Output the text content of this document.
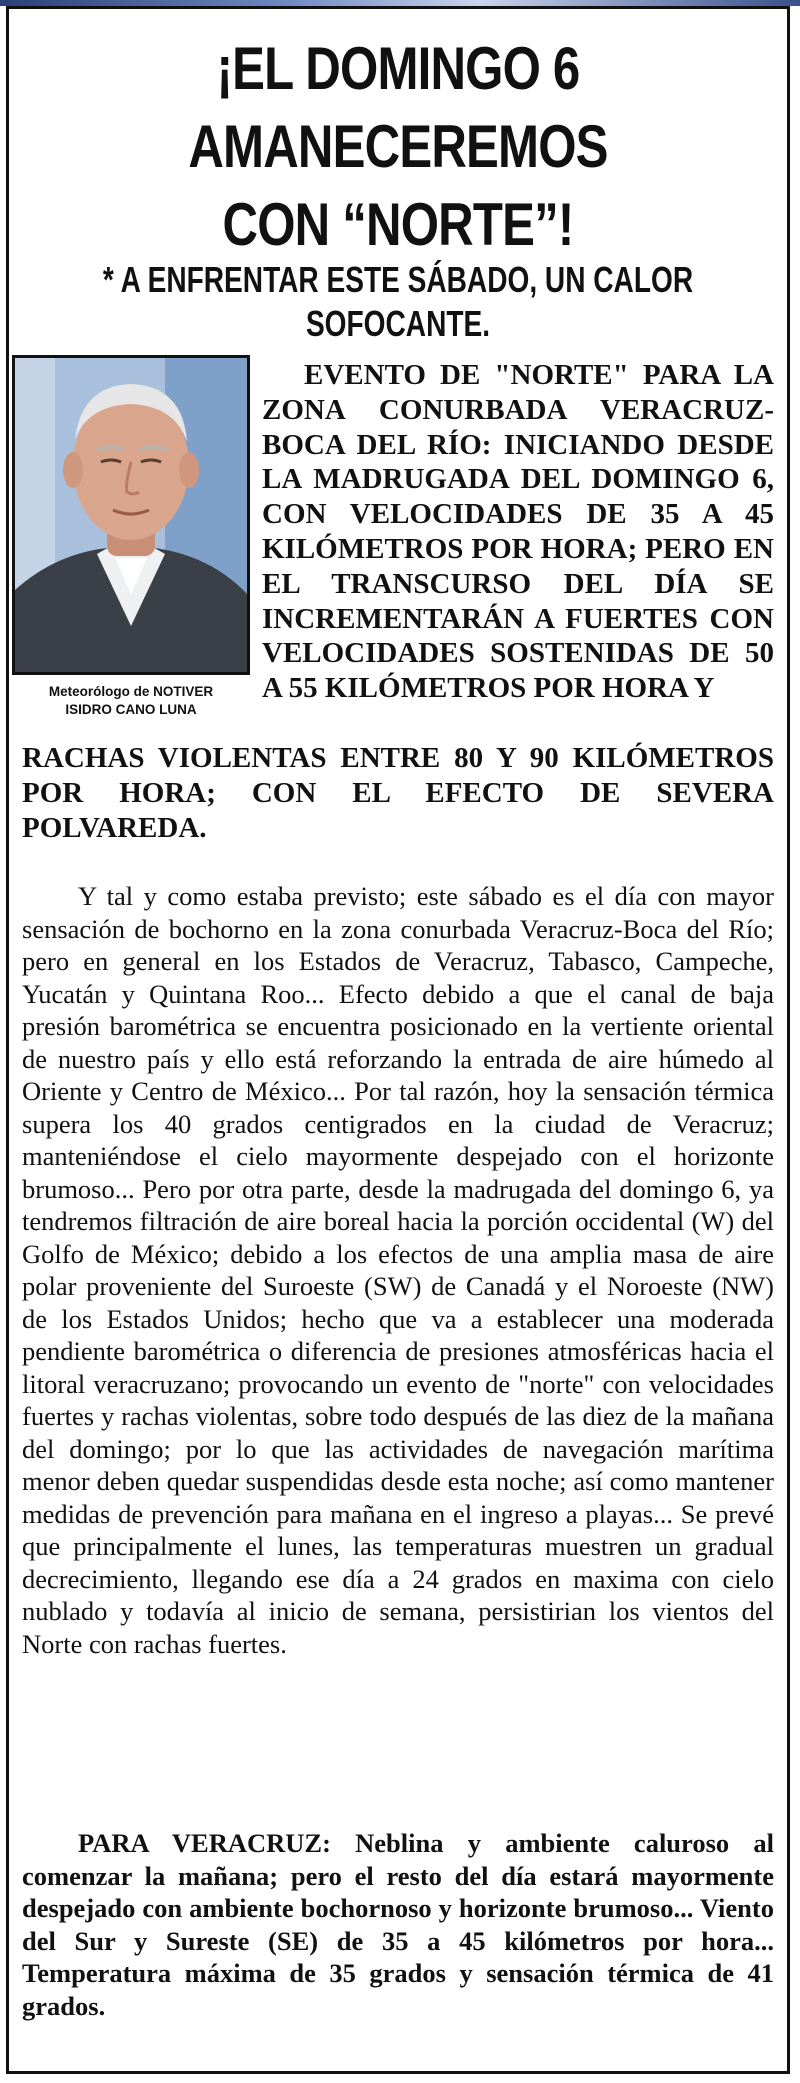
¡EL DOMINGO 6 AMANECEREMOS
CON “NORTE”!
* A ENFRENTAR ESTE SÁBADO, UN CALOR SOFOCANTE.

Meteorólogo de NOTIVER
ISIDRO CANO LUNA

EVENTO DE "NORTE" PARA LA ZONA CONURBADA VERACRUZ-BOCA DEL RÍO: INICIANDO DESDE LA MADRUGADA DEL DOMINGO 6, CON VELOCIDADES DE 35 A 45 KILÓMETROS POR HORA; PERO EN EL TRANSCURSO DEL DÍA SE INCREMENTARÁN A FUERTES CON VELOCIDADES SOSTENIDAS DE 50 A 55 KILÓMETROS POR HORA Y

RACHAS VIOLENTAS ENTRE 80 Y 90 KILÓMETROS POR HORA; CON EL EFECTO DE SEVERA POLVAREDA.

Y tal y como estaba previsto; este sábado es el día con mayor sensación de bochorno en la zona conurbada Veracruz-Boca del Río; pero en general en los Estados de Veracruz, Tabasco, Campeche, Yucatán y Quintana Roo... Efecto debido a que el canal de baja presión barométrica se encuentra posicionado en la vertiente oriental de nuestro país y ello está reforzando la entrada de aire húmedo al Oriente y Centro de México... Por tal razón, hoy la sensación térmica supera los 40 grados centigrados en la ciudad de Veracruz; manteniéndose el cielo mayormente despejado con el horizonte brumoso... Pero por otra parte, desde la madrugada del domingo 6, ya tendremos filtración de aire boreal hacia la porción occidental (W) del Golfo de México; debido a los efectos de una amplia masa de aire polar proveniente del Suroeste (SW) de Canadá y el Noroeste (NW) de los Estados Unidos; hecho que va a establecer una moderada pendiente barométrica o diferencia de presiones atmosféricas hacia el litoral veracruzano; provocando un evento de "norte" con velocidades fuertes y rachas violentas, sobre todo después de las diez de la mañana del domingo; por lo que las actividades de navegación marítima menor deben quedar suspendidas desde esta noche; así como mantener medidas de prevención para mañana en el ingreso a playas... Se prevé que principalmente el lunes, las temperaturas muestren un gradual decrecimiento, llegando ese día a 24 grados en maxima con cielo nublado y todavía al inicio de semana, persistirian los vientos del Norte con rachas fuertes.

PARA VERACRUZ: Neblina y ambiente caluroso al comenzar la mañana; pero el resto del día estará mayormente despejado con ambiente bochornoso y horizonte brumoso... Viento del Sur y Sureste (SE) de 35 a 45 kilómetros por hora... Temperatura máxima de 35 grados y sensación térmica de 41 grados.
